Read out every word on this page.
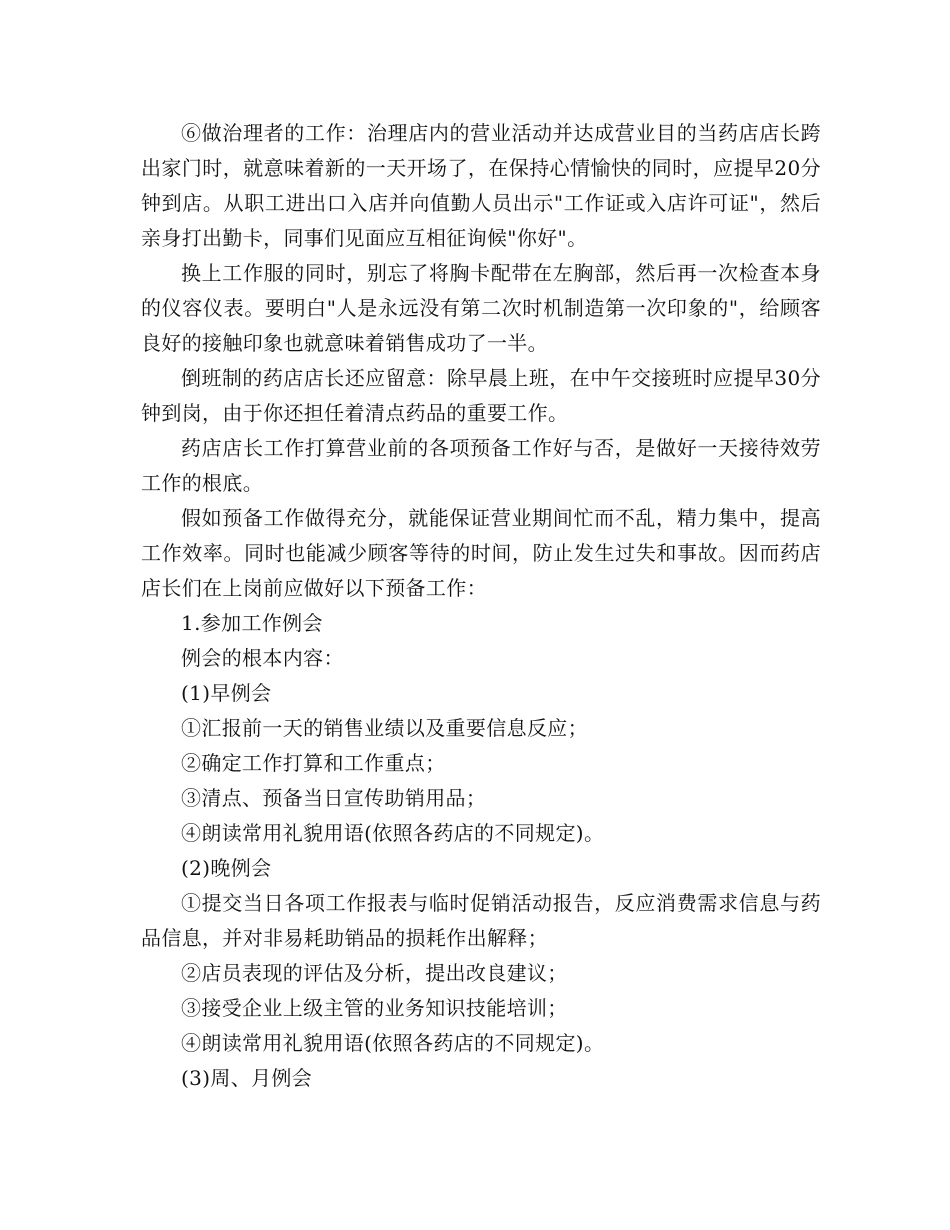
⑥做治理者的工作：治理店内的营业活动并达成营业目的当药店店长跨出家门时，就意味着新的一天开场了，在保持心情愉快的同时，应提早20分钟到店。从职工进出口入店并向值勤人员出示"工作证或入店许可证"，然后亲身打出勤卡，同事们见面应互相征询候"你好"。

换上工作服的同时，别忘了将胸卡配带在左胸部，然后再一次检查本身的仪容仪表。要明白"人是永远没有第二次时机制造第一次印象的"，给顾客良好的接触印象也就意味着销售成功了一半。

倒班制的药店店长还应留意：除早晨上班，在中午交接班时应提早30分钟到岗，由于你还担任着清点药品的重要工作。

药店店长工作打算营业前的各项预备工作好与否，是做好一天接待效劳工作的根底。

假如预备工作做得充分，就能保证营业期间忙而不乱，精力集中，提高工作效率。同时也能减少顾客等待的时间，防止发生过失和事故。因而药店店长们在上岗前应做好以下预备工作：

1.参加工作例会

例会的根本内容：

(1)早例会

①汇报前一天的销售业绩以及重要信息反应；

②确定工作打算和工作重点；

③清点、预备当日宣传助销用品；

④朗读常用礼貌用语(依照各药店的不同规定)。

(2)晚例会

①提交当日各项工作报表与临时促销活动报告，反应消费需求信息与药品信息，并对非易耗助销品的损耗作出解释；

②店员表现的评估及分析，提出改良建议；

③接受企业上级主管的业务知识技能培训；

④朗读常用礼貌用语(依照各药店的不同规定)。

(3)周、月例会
